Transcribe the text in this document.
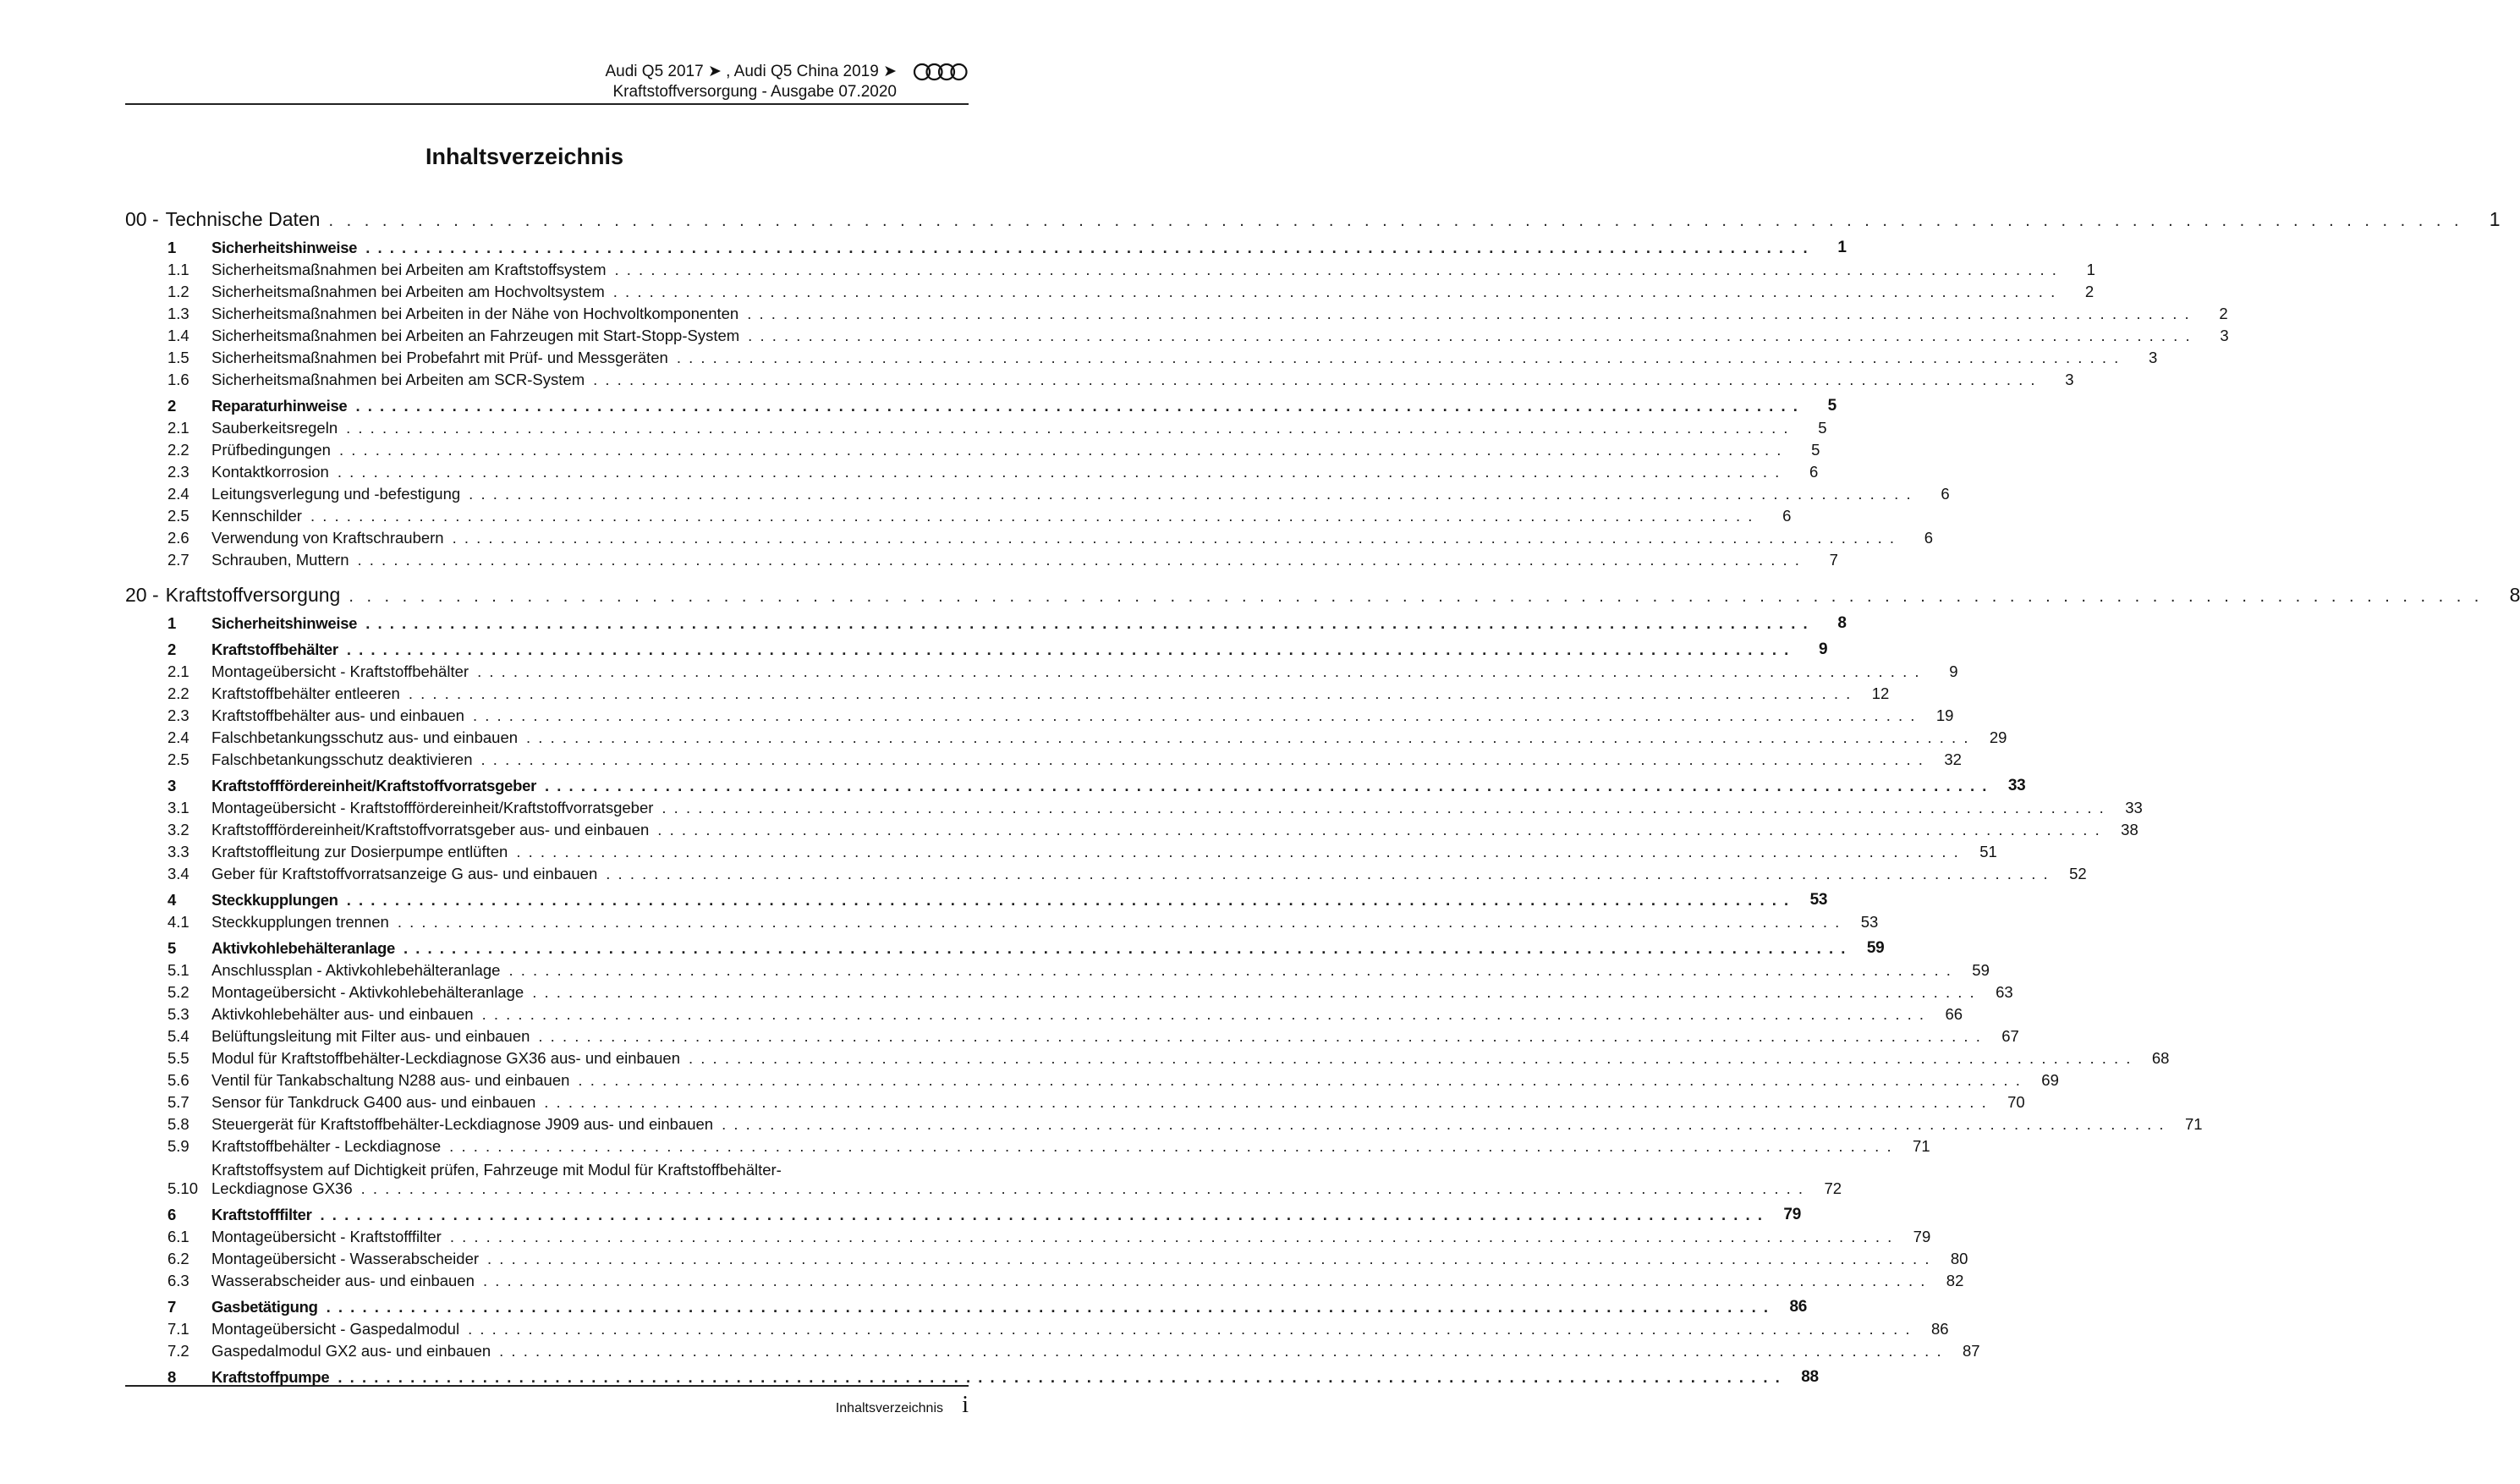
Audi Q5 2017 ➤ , Audi Q5 China 2019 ➤
Kraftstoffversorgung - Ausgabe 07.2020
Inhaltsverzeichnis
00 - Technische Daten . . . . . . . . . . . . . . . . . . . . . . . . . . . . . . . . . . . . . . . . . . . . . . . . . . . . . . . . . . . . . . . . . . . . . . . . . . . . . . . . . . . . . . . . . . . . . . . . . . . . . . . . . . . . . . . . . . . . . . . .	1
1	Sicherheitshinweise . . . . . . . . . . . . . . . . . . . . . . . . . . . . . . . . . . . . . . . . . . . . . . . . . . . . . . . . . . . . . . . . . . . . . . . . . . . . . . . . . . . . . . . . . . . . . . . . . . . . . . . . . . . . . . . . . . . . . . . .	1
1.1	Sicherheitsmaßnahmen bei Arbeiten am Kraftstoffsystem . . . . . . . . . . . . . . . . . . . . . . . . . . . . . . . . . . . . . . . . . . . . . . . . . . . . . . . . . . . . . . . . . . . . . . . . . . . . . . . . . . . . . . . . . . . . . . . . . . . . . . . . . . . . . . . . . . . . . . . .	1
1.2	Sicherheitsmaßnahmen bei Arbeiten am Hochvoltsystem . . . . . . . . . . . . . . . . . . . . . . . . . . . . . . . . . . . . . . . . . . . . . . . . . . . . . . . . . . . . . . . . . . . . . . . . . . . . . . . . . . . . . . . . . . . . . . . . . . . . . . . . . . . . . . . . . . . . . . . .	2
1.3	Sicherheitsmaßnahmen bei Arbeiten in der Nähe von Hochvoltkomponenten . . . . . . . . . . . . . . . . . . . . . . . . . . . . . . . . . . . . . . . . . . . . . . . . . . . . . . . . . . . . . . . . . . . . . . . . . . . . . . . . . . . . . . . . . . . . . . . . . . . . . . . . . . . . . . . . . . . . . . . .	2
1.4	Sicherheitsmaßnahmen bei Arbeiten an Fahrzeugen mit Start-Stopp-System . . . . . . . . . . . . . . . . . . . . . . . . . . . . . . . . . . . . . . . . . . . . . . . . . . . . . . . . . . . . . . . . . . . . . . . . . . . . . . . . . . . . . . . . . . . . . . . . . . . . . . . . . . . . . . . . . . . . . . . .	3
1.5	Sicherheitsmaßnahmen bei Probefahrt mit Prüf- und Messgeräten . . . . . . . . . . . . . . . . . . . . . . . . . . . . . . . . . . . . . . . . . . . . . . . . . . . . . . . . . . . . . . . . . . . . . . . . . . . . . . . . . . . . . . . . . . . . . . . . . . . . . . . . . . . . . . . . . . . . . . . .	3
1.6	Sicherheitsmaßnahmen bei Arbeiten am SCR-System . . . . . . . . . . . . . . . . . . . . . . . . . . . . . . . . . . . . . . . . . . . . . . . . . . . . . . . . . . . . . . . . . . . . . . . . . . . . . . . . . . . . . . . . . . . . . . . . . . . . . . . . . . . . . . . . . . . . . . . .	3
2	Reparaturhinweise . . . . . . . . . . . . . . . . . . . . . . . . . . . . . . . . . . . . . . . . . . . . . . . . . . . . . . . . . . . . . . . . . . . . . . . . . . . . . . . . . . . . . . . . . . . . . . . . . . . . . . . . . . . . . . . . . . . . . . . .	5
2.1	Sauberkeitsregeln . . . . . . . . . . . . . . . . . . . . . . . . . . . . . . . . . . . . . . . . . . . . . . . . . . . . . . . . . . . . . . . . . . . . . . . . . . . . . . . . . . . . . . . . . . . . . . . . . . . . . . . . . . . . . . . . . . . . . . . .	5
2.2	Prüfbedingungen . . . . . . . . . . . . . . . . . . . . . . . . . . . . . . . . . . . . . . . . . . . . . . . . . . . . . . . . . . . . . . . . . . . . . . . . . . . . . . . . . . . . . . . . . . . . . . . . . . . . . . . . . . . . . . . . . . . . . . . .	5
2.3	Kontaktkorrosion . . . . . . . . . . . . . . . . . . . . . . . . . . . . . . . . . . . . . . . . . . . . . . . . . . . . . . . . . . . . . . . . . . . . . . . . . . . . . . . . . . . . . . . . . . . . . . . . . . . . . . . . . . . . . . . . . . . . . . . .	6
2.4	Leitungsverlegung und -befestigung . . . . . . . . . . . . . . . . . . . . . . . . . . . . . . . . . . . . . . . . . . . . . . . . . . . . . . . . . . . . . . . . . . . . . . . . . . . . . . . . . . . . . . . . . . . . . . . . . . . . . . . . . . . . . . . . . . . . . . . .	6
2.5	Kennschilder . . . . . . . . . . . . . . . . . . . . . . . . . . . . . . . . . . . . . . . . . . . . . . . . . . . . . . . . . . . . . . . . . . . . . . . . . . . . . . . . . . . . . . . . . . . . . . . . . . . . . . . . . . . . . . . . . . . . . . . .	6
2.6	Verwendung von Kraftschraubern . . . . . . . . . . . . . . . . . . . . . . . . . . . . . . . . . . . . . . . . . . . . . . . . . . . . . . . . . . . . . . . . . . . . . . . . . . . . . . . . . . . . . . . . . . . . . . . . . . . . . . . . . . . . . . . . . . . . . . . .	6
2.7	Schrauben, Muttern . . . . . . . . . . . . . . . . . . . . . . . . . . . . . . . . . . . . . . . . . . . . . . . . . . . . . . . . . . . . . . . . . . . . . . . . . . . . . . . . . . . . . . . . . . . . . . . . . . . . . . . . . . . . . . . . . . . . . . . .	7
20 - Kraftstoffversorgung . . . . . . . . . . . . . . . . . . . . . . . . . . . . . . . . . . . . . . . . . . . . . . . . . . . . . . . . . . . . . . . . . . . . . . . . . . . . . . . . . . . . . . . . . . . . . . . . . . . . . . . . . . . . . . . . . . . . . . . .	8
1	Sicherheitshinweise . . . . . . . . . . . . . . . . . . . . . . . . . . . . . . . . . . . . . . . . . . . . . . . . . . . . . . . . . . . . . . . . . . . . . . . . . . . . . . . . . . . . . . . . . . . . . . . . . . . . . . . . . . . . . . . . . . . . . . . .	8
2	Kraftstoffbehälter . . . . . . . . . . . . . . . . . . . . . . . . . . . . . . . . . . . . . . . . . . . . . . . . . . . . . . . . . . . . . . . . . . . . . . . . . . . . . . . . . . . . . . . . . . . . . . . . . . . . . . . . . . . . . . . . . . . . . . . .	9
2.1	Montageübersicht - Kraftstoffbehälter . . . . . . . . . . . . . . . . . . . . . . . . . . . . . . . . . . . . . . . . . . . . . . . . . . . . . . . . . . . . . . . . . . . . . . . . . . . . . . . . . . . . . . . . . . . . . . . . . . . . . . . . . . . . . . . . . . . . . . . .	9
2.2	Kraftstoffbehälter entleeren . . . . . . . . . . . . . . . . . . . . . . . . . . . . . . . . . . . . . . . . . . . . . . . . . . . . . . . . . . . . . . . . . . . . . . . . . . . . . . . . . . . . . . . . . . . . . . . . . . . . . . . . . . . . . . . . . . . . . . . .	12
2.3	Kraftstoffbehälter aus- und einbauen . . . . . . . . . . . . . . . . . . . . . . . . . . . . . . . . . . . . . . . . . . . . . . . . . . . . . . . . . . . . . . . . . . . . . . . . . . . . . . . . . . . . . . . . . . . . . . . . . . . . . . . . . . . . . . . . . . . . . . . .	19
2.4	Falschbetankungsschutz aus- und einbauen . . . . . . . . . . . . . . . . . . . . . . . . . . . . . . . . . . . . . . . . . . . . . . . . . . . . . . . . . . . . . . . . . . . . . . . . . . . . . . . . . . . . . . . . . . . . . . . . . . . . . . . . . . . . . . . . . . . . . . . .	29
2.5	Falschbetankungsschutz deaktivieren . . . . . . . . . . . . . . . . . . . . . . . . . . . . . . . . . . . . . . . . . . . . . . . . . . . . . . . . . . . . . . . . . . . . . . . . . . . . . . . . . . . . . . . . . . . . . . . . . . . . . . . . . . . . . . . . . . . . . . . .	32
3	Kraftstofffördereinheit/Kraftstoffvorratsgeber . . . . . . . . . . . . . . . . . . . . . . . . . . . . . . . . . . . . . . . . . . . . . . . . . . . . . . . . . . . . . . . . . . . . . . . . . . . . . . . . . . . . . . . . . . . . . . . . . . . . . . . . . . . . . . . . . . . . . . . .	33
3.1	Montageübersicht - Kraftstofffördereinheit/Kraftstoffvorratsgeber . . . . . . . . . . . . . . . . . . . . . . . . . . . . . . . . . . . . . . . . . . . . . . . . . . . . . . . . . . . . . . . . . . . . . . . . . . . . . . . . . . . . . . . . . . . . . . . . . . . . . . . . . . . . . . . . . . . . . . . .	33
3.2	Kraftstofffördereinheit/Kraftstoffvorratsgeber aus- und einbauen . . . . . . . . . . . . . . . . . . . . . . . . . . . . . . . . . . . . . . . . . . . . . . . . . . . . . . . . . . . . . . . . . . . . . . . . . . . . . . . . . . . . . . . . . . . . . . . . . . . . . . . . . . . . . . . . . . . . . . . .	38
3.3	Kraftstoffleitung zur Dosierpumpe entlüften . . . . . . . . . . . . . . . . . . . . . . . . . . . . . . . . . . . . . . . . . . . . . . . . . . . . . . . . . . . . . . . . . . . . . . . . . . . . . . . . . . . . . . . . . . . . . . . . . . . . . . . . . . . . . . . . . . . . . . . .	51
3.4	Geber für Kraftstoffvorratsanzeige G aus- und einbauen . . . . . . . . . . . . . . . . . . . . . . . . . . . . . . . . . . . . . . . . . . . . . . . . . . . . . . . . . . . . . . . . . . . . . . . . . . . . . . . . . . . . . . . . . . . . . . . . . . . . . . . . . . . . . . . . . . . . . . . .	52
4	Steckkupplungen . . . . . . . . . . . . . . . . . . . . . . . . . . . . . . . . . . . . . . . . . . . . . . . . . . . . . . . . . . . . . . . . . . . . . . . . . . . . . . . . . . . . . . . . . . . . . . . . . . . . . . . . . . . . . . . . . . . . . . . .	53
4.1	Steckkupplungen trennen . . . . . . . . . . . . . . . . . . . . . . . . . . . . . . . . . . . . . . . . . . . . . . . . . . . . . . . . . . . . . . . . . . . . . . . . . . . . . . . . . . . . . . . . . . . . . . . . . . . . . . . . . . . . . . . . . . . . . . . .	53
5	Aktivkohlebehälteranlage . . . . . . . . . . . . . . . . . . . . . . . . . . . . . . . . . . . . . . . . . . . . . . . . . . . . . . . . . . . . . . . . . . . . . . . . . . . . . . . . . . . . . . . . . . . . . . . . . . . . . . . . . . . . . . . . . . . . . . . .	59
5.1	Anschlussplan - Aktivkohlebehälteranlage . . . . . . . . . . . . . . . . . . . . . . . . . . . . . . . . . . . . . . . . . . . . . . . . . . . . . . . . . . . . . . . . . . . . . . . . . . . . . . . . . . . . . . . . . . . . . . . . . . . . . . . . . . . . . . . . . . . . . . . .	59
5.2	Montageübersicht - Aktivkohlebehälteranlage . . . . . . . . . . . . . . . . . . . . . . . . . . . . . . . . . . . . . . . . . . . . . . . . . . . . . . . . . . . . . . . . . . . . . . . . . . . . . . . . . . . . . . . . . . . . . . . . . . . . . . . . . . . . . . . . . . . . . . . .	63
5.3	Aktivkohlebehälter aus- und einbauen . . . . . . . . . . . . . . . . . . . . . . . . . . . . . . . . . . . . . . . . . . . . . . . . . . . . . . . . . . . . . . . . . . . . . . . . . . . . . . . . . . . . . . . . . . . . . . . . . . . . . . . . . . . . . . . . . . . . . . . .	66
5.4	Belüftungsleitung mit Filter aus- und einbauen . . . . . . . . . . . . . . . . . . . . . . . . . . . . . . . . . . . . . . . . . . . . . . . . . . . . . . . . . . . . . . . . . . . . . . . . . . . . . . . . . . . . . . . . . . . . . . . . . . . . . . . . . . . . . . . . . . . . . . . .	67
5.5	Modul für Kraftstoffbehälter-Leckdiagnose GX36 aus- und einbauen . . . . . . . . . . . . . . . . . . . . . . . . . . . . . . . . . . . . . . . . . . . . . . . . . . . . . . . . . . . . . . . . . . . . . . . . . . . . . . . . . . . . . . . . . . . . . . . . . . . . . . . . . . . . . . . . . . . . . . . .	68
5.6	Ventil für Tankabschaltung N288 aus- und einbauen . . . . . . . . . . . . . . . . . . . . . . . . . . . . . . . . . . . . . . . . . . . . . . . . . . . . . . . . . . . . . . . . . . . . . . . . . . . . . . . . . . . . . . . . . . . . . . . . . . . . . . . . . . . . . . . . . . . . . . . .	69
5.7	Sensor für Tankdruck G400 aus- und einbauen . . . . . . . . . . . . . . . . . . . . . . . . . . . . . . . . . . . . . . . . . . . . . . . . . . . . . . . . . . . . . . . . . . . . . . . . . . . . . . . . . . . . . . . . . . . . . . . . . . . . . . . . . . . . . . . . . . . . . . . .	70
5.8	Steuergerät für Kraftstoffbehälter-Leckdiagnose J909 aus- und einbauen . . . . . . . . . . . . . . . . . . . . . . . . . . . . . . . . . . . . . . . . . . . . . . . . . . . . . . . . . . . . . . . . . . . . . . . . . . . . . . . . . . . . . . . . . . . . . . . . . . . . . . . . . . . . . . . . . . . . . . . .	71
5.9	Kraftstoffbehälter - Leckdiagnose . . . . . . . . . . . . . . . . . . . . . . . . . . . . . . . . . . . . . . . . . . . . . . . . . . . . . . . . . . . . . . . . . . . . . . . . . . . . . . . . . . . . . . . . . . . . . . . . . . . . . . . . . . . . . . . . . . . . . . . .	71
5.10
Kraftstoffsystem auf Dichtigkeit prüfen, Fahrzeuge mit Modul für Kraftstoffbehälter-
Leckdiagnose GX36 . . . . . . . . . . . . . . . . . . . . . . . . . . . . . . . . . . . . . . . . . . . . . . . . . . . . . . . . . . . . . . . . . . . . . . . . . . . . . . . . . . . . . . . . . . . . . . . . . . . . . . . . . . . . . . . . . . . . . . . .	72
6	Kraftstofffilter . . . . . . . . . . . . . . . . . . . . . . . . . . . . . . . . . . . . . . . . . . . . . . . . . . . . . . . . . . . . . . . . . . . . . . . . . . . . . . . . . . . . . . . . . . . . . . . . . . . . . . . . . . . . . . . . . . . . . . . .	79
6.1	Montageübersicht - Kraftstofffilter . . . . . . . . . . . . . . . . . . . . . . . . . . . . . . . . . . . . . . . . . . . . . . . . . . . . . . . . . . . . . . . . . . . . . . . . . . . . . . . . . . . . . . . . . . . . . . . . . . . . . . . . . . . . . . . . . . . . . . . .	79
6.2	Montageübersicht - Wasserabscheider . . . . . . . . . . . . . . . . . . . . . . . . . . . . . . . . . . . . . . . . . . . . . . . . . . . . . . . . . . . . . . . . . . . . . . . . . . . . . . . . . . . . . . . . . . . . . . . . . . . . . . . . . . . . . . . . . . . . . . . .	80
6.3	Wasserabscheider aus- und einbauen . . . . . . . . . . . . . . . . . . . . . . . . . . . . . . . . . . . . . . . . . . . . . . . . . . . . . . . . . . . . . . . . . . . . . . . . . . . . . . . . . . . . . . . . . . . . . . . . . . . . . . . . . . . . . . . . . . . . . . . .	82
7	Gasbetätigung . . . . . . . . . . . . . . . . . . . . . . . . . . . . . . . . . . . . . . . . . . . . . . . . . . . . . . . . . . . . . . . . . . . . . . . . . . . . . . . . . . . . . . . . . . . . . . . . . . . . . . . . . . . . . . . . . . . . . . . .	86
7.1	Montageübersicht - Gaspedalmodul . . . . . . . . . . . . . . . . . . . . . . . . . . . . . . . . . . . . . . . . . . . . . . . . . . . . . . . . . . . . . . . . . . . . . . . . . . . . . . . . . . . . . . . . . . . . . . . . . . . . . . . . . . . . . . . . . . . . . . . .	86
7.2	Gaspedalmodul GX2 aus- und einbauen . . . . . . . . . . . . . . . . . . . . . . . . . . . . . . . . . . . . . . . . . . . . . . . . . . . . . . . . . . . . . . . . . . . . . . . . . . . . . . . . . . . . . . . . . . . . . . . . . . . . . . . . . . . . . . . . . . . . . . . .	87
8	Kraftstoffpumpe . . . . . . . . . . . . . . . . . . . . . . . . . . . . . . . . . . . . . . . . . . . . . . . . . . . . . . . . . . . . . . . . . . . . . . . . . . . . . . . . . . . . . . . . . . . . . . . . . . . . . . . . . . . . . . . . . . . . . . . .	88
Inhaltsverzeichnis i
